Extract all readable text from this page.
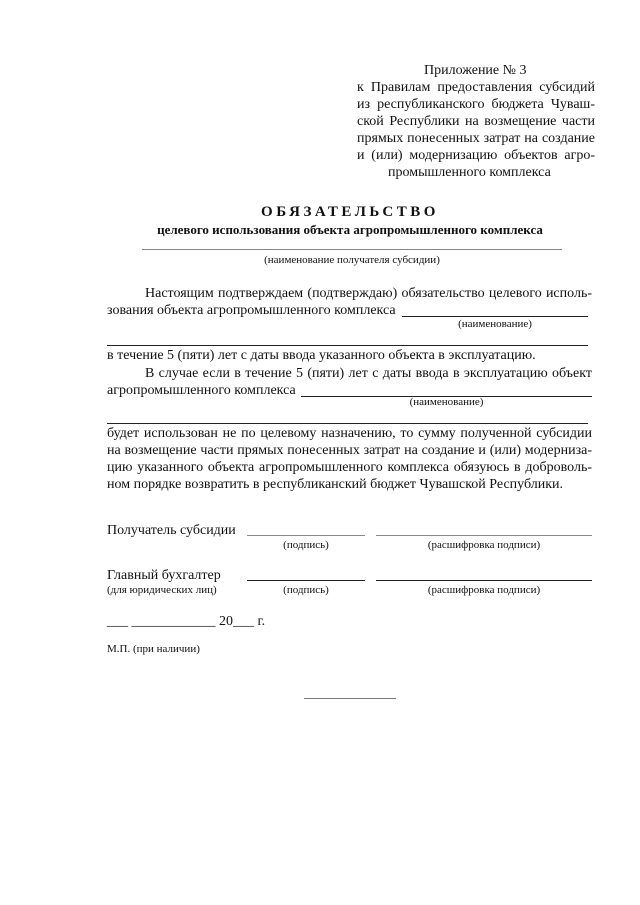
Приложение № 3
к Правилам предоставления субсидий
из республиканского бюджета Чуваш-
ской Республики на возмещение части
прямых понесенных затрат на создание
и (или) модернизацию объектов агро-
промышленного комплекса
ОБЯЗАТЕЛЬСТВО
целевого использования объекта агропромышленного комплекса
(наименование получателя субсидии)
Настоящим подтверждаем (подтверждаю) обязательство целевого исполь-
зования объекта агропромышленного комплекса
(наименование)
в течение 5 (пяти) лет с даты ввода указанного объекта в эксплуатацию.
В случае если в течение 5 (пяти) лет с даты ввода в эксплуатацию объект
агропромышленного комплекса
(наименование)
будет использован не по целевому назначению, то сумму полученной субсидии
на возмещение части прямых понесенных затрат на создание и (или) модерниза-
цию указанного объекта агропромышленного комплекса обязуюсь в доброволь-
ном порядке возвратить в республиканский бюджет Чувашской Республики.
Получатель субсидии
(подпись)	(расшифровка подписи)
Главный бухгалтер
(для юридических лиц)	(подпись)	(расшифровка подписи)
___ ____________ 20___ г.
М.П. (при наличии)
